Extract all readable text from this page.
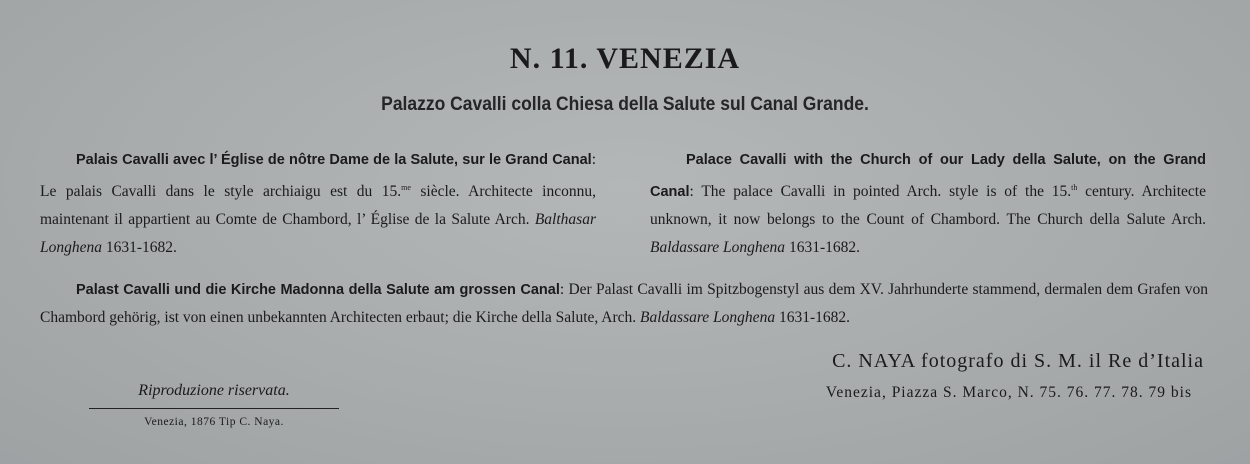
N. 11. VENEZIA
Palazzo Cavalli colla Chiesa della Salute sul Canal Grande.
Palais Cavalli avec l’ Église de nôtre Dame de la Salute, sur le Grand Canal: Le palais Cavalli dans le style archiaigu est du 15.$^{me}$ siècle. Architecte inconnu, maintenant il appartient au Comte de Chambord, l’ Église de la Salute Arch. Balthasar Longhena 1631-1682.
Palace Cavalli with the Church of our Lady della Salute, on the Grand Canal: The palace Cavalli in pointed Arch. style is of the 15.$^{th}$ century. Architecte unknown, it now belongs to the Count of Chambord. The Church della Salute Arch. Baldassare Longhena 1631-1682.
Palast Cavalli und die Kirche Madonna della Salute am grossen Canal: Der Palast Cavalli im Spitzbogenstyl aus dem XV. Jahrhunderte stammend, dermalen dem Grafen von Chambord gehörig, ist von einen unbekannten Architecten erbaut; die Kirche della Salute, Arch. Baldassare Longhena 1631-1682.
C. NAYA fotografo di S. M. il Re d’Italia
Venezia, Piazza S. Marco, N. 75. 76. 77. 78. 79 bis
Riproduzione riservata.
Venezia, 1876 Tip C. Naya.
